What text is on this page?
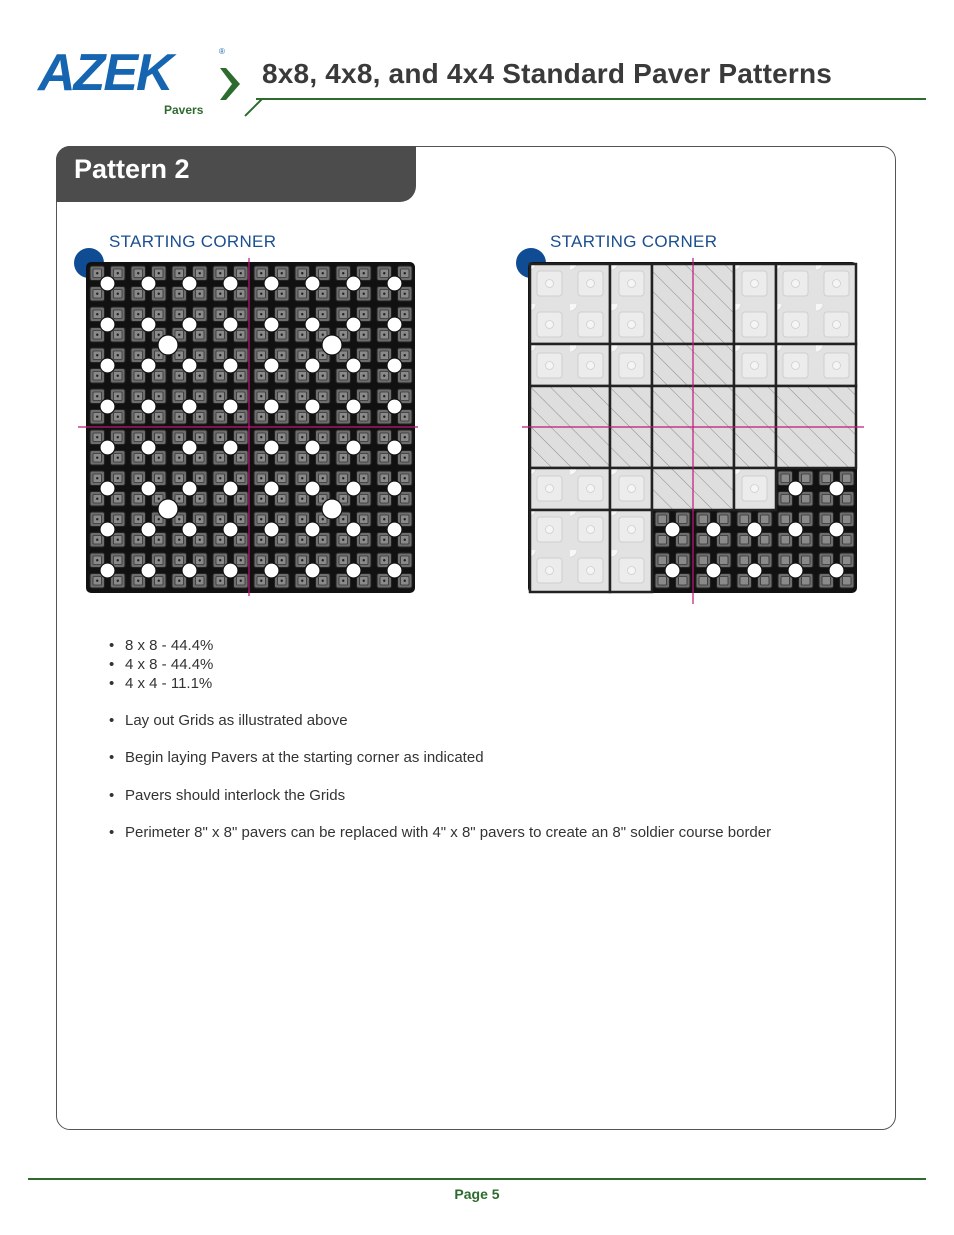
AZEK	®
Pavers
8x8, 4x8, and 4x4 Standard Paver Patterns
Pattern 2
STARTING CORNER	STARTING CORNER
• 8 x 8 - 44.4%
• 4 x 8 - 44.4%
• 4 x 4 - 11.1%
• Lay out Grids as illustrated above
• Begin laying Pavers at the starting corner as indicated
• Pavers should interlock the Grids
• Perimeter 8" x 8" pavers can be replaced with 4" x 8" pavers to create an 8" soldier course border
Page 5
